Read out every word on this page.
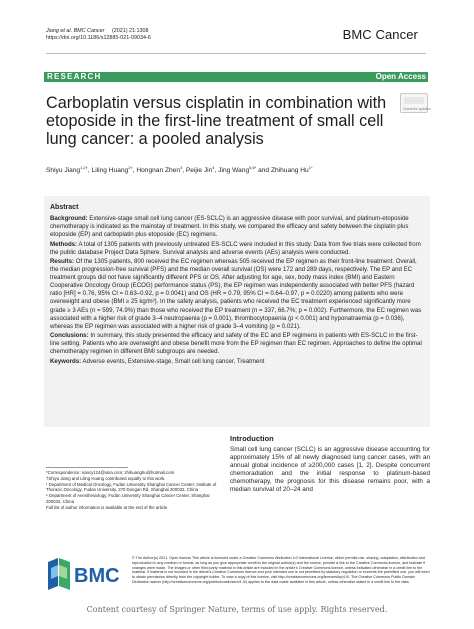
Jiang et al. BMC Cancer (2021) 21:1308
https://doi.org/10.1186/s12885-021-09034-6	BMC Cancer
RESEARCH	Open Access
Carboplatin versus cisplatin in combination with etoposide in the first-line treatment of small cell lung cancer: a pooled analysis
Check for updates
Shiyu Jiang$^{1,2\dagger}$, Liling Huang$^{2\dagger}$, Hongnan Zhen$^3$, Peijie Jin$^4$, Jing Wang$^{5,6*}$ and Zhihuang $Hu^{1*}$
Abstract

Background: Extensive-stage small cell lung cancer (ES-SCLC) is an aggressive disease with poor survival, and platinum-etoposide chemotherapy is indicated as the mainstay of treatment. In this study, we compared the efficacy and safety between the cisplatin plus etoposide (EP) and carboplatin plus etoposide (EC) regimens.

Methods: A total of 1305 patients with previously untreated ES-SCLC were included in this study. Data from five trials were collected from the public database Project Data Sphere. Survival analysis and adverse events (AEs) analysis were conducted.

Results: Of the 1305 patients, 800 received the EC regimen whereas 505 received the EP regimen as their front-line treatment. Overall, the median progression-free survival (PFS) and the median overall survival (OS) were 172 and 289 days, respectively. The EP and EC treatment groups did not have significantly different PFS or OS. After adjusting for age, sex, body mass index (BMI) and Eastern Cooperative Oncology Group (ECOG) performance status (PS), the EP regimen was independently associated with better PFS (hazard ratio [HR] = 0.76, 95% CI = 0.63–0.92, p = 0.0041) and OS (HR = 0.79, 95% CI = 0.64–0.97, p = 0.0220) among patients who were overweight and obese (BMI ≥ 25 kg/m²). In the safety analysis, patients who received the EC treatment experienced significantly more grade ≥ 3 AEs (n = 599, 74.9%) than those who received the EP treatment (n = 337, 66.7%; p = 0.002). Furthermore, the EC regimen was associated with a higher risk of grade 3–4 neutropaenia (p = 0.001), thrombocytopaenia (p < 0.001) and hyponatraemia (p = 0.036), whereas the EP regimen was associated with a higher risk of grade 3–4 vomiting (p = 0.021).

Conclusions: In summary, this study presented the efficacy and safety of the EC and EP regimens in patients with ES-SCLC in the first-line setting. Patients who are overweight and obese benefit more from the EP regimen than EC regimen. Approaches to define the optimal chemotherapy regimen in different BMI subgroups are needed.

Keywords: Adverse events, Extensive-stage, Small cell lung cancer, Treatment

Introduction
Small cell lung cancer (SCLC) is an aggressive disease accounting for approximately 15% of all newly diagnosed lung cancer cases, with an annual global incidence of ≥200,000 cases [1, 2]. Despite concurrent chemoradiation and the initial response to platinum-based chemotherapy, the prognosis for this disease remains poor, with a median survival of 20–24 and
*Correspondence: nancy124@sina.com; zhihuanghu@hotmail.com
†Shiyu Jiang and Liling Huang contributed equally to this work.
¹ Department of Medical Oncology, Fudan University Shanghai Cancer Center; Institute of Thoracic Oncology, Fudan University, 270 Dongan Rd, Shanghai 200032, China
⁵ Department of Anesthesiology, Fudan University Shanghai Cancer Center, Shanghai 200032, China
Full list of author information is available at the end of the article
BMC
© The Author(s) 2021. Open Access This article is licensed under a Creative Commons Attribution 4.0 International License, which permits use, sharing, adaptation, distribution and reproduction in any medium or format, as long as you give appropriate credit to the original author(s) and the source, provide a link to the Creative Commons licence, and indicate if changes were made. The images or other third party material in this article are included in the article's Creative Commons licence, unless indicated otherwise in a credit line to the material. If material is not included in the article's Creative Commons licence and your intended use is not permitted by statutory regulation or exceeds the permitted use, you will need to obtain permission directly from the copyright holder. To view a copy of this licence, visit http://creativecommons.org/licenses/by/4.0/. The Creative Commons Public Domain Dedication waiver (http://creativecommons.org/publicdomain/zero/1.0/) applies to the data made available in this article, unless otherwise stated in a credit line to the data.
Content courtesy of Springer Nature, terms of use apply. Rights reserved.
